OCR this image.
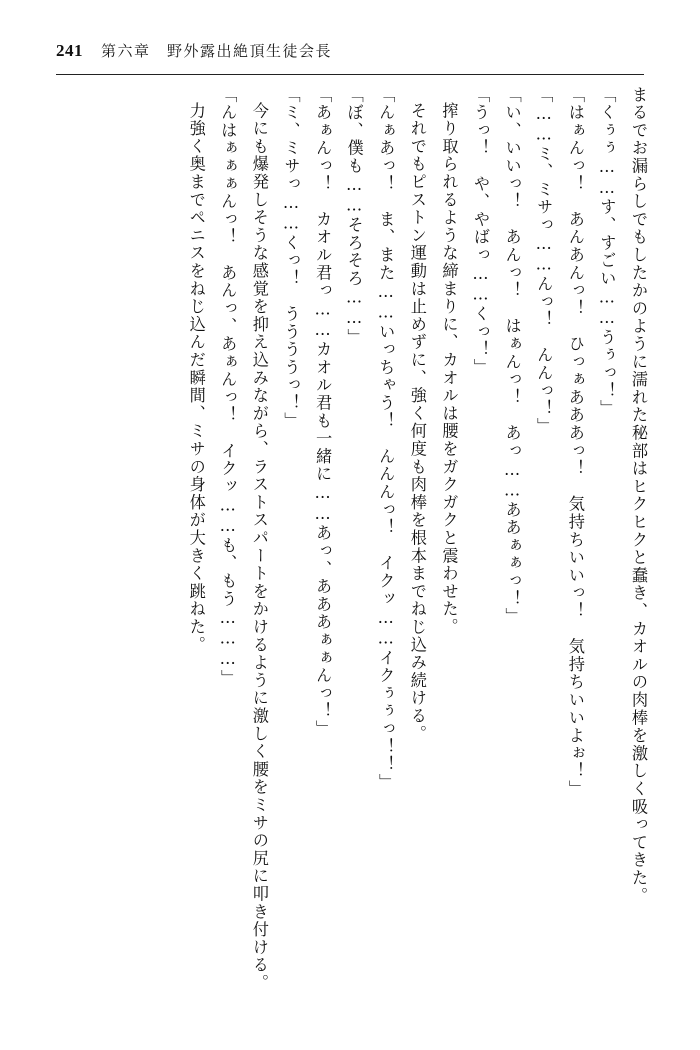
241 第六章　野外露出絶頂生徒会長

まるでお漏らしでもしたかのように濡れた秘部はヒクヒクと蠢き、カオルの肉棒を激しく吸ってきた。

「くぅぅ……す、すごい……うぅっ！」

「はぁんっ！　あんあんっ！　ひっぁあああっ！　気持ちいいっ！　気持ちいいよぉ！」

「……ミ、ミサっ……んっ！　んんっ！」

「い、いいっ！　あんっ！　はぁんっ！　あっ……ああぁぁっ！」

「うっ！　や、やばっ……くっ！」

搾り取られるような締まりに、カオルは腰をガクガクと震わせた。

それでもピストン運動は止めずに、強く何度も肉棒を根本までねじ込み続ける。

「んぁあっ！　ま、また……いっちゃう！　んんんっ！　イクッ……イクぅぅっ！！」

「ぼ、僕も……そろそろ……」

「あぁんっ！　カオル君っ……カオル君も一緒に……あっ、あああぁぁんっ！」

「ミ、ミサっ……くっ！　ううううっ！」

今にも爆発しそうな感覚を抑え込みながら、ラストスパートをかけるように激しく腰をミサの尻に叩き付ける。

「んはぁぁぁんっ！　あんっ、あぁんっ！　イクッ……も、もう………」

力強く奥までペニスをねじ込んだ瞬間、ミサの身体が大きく跳ねた。
